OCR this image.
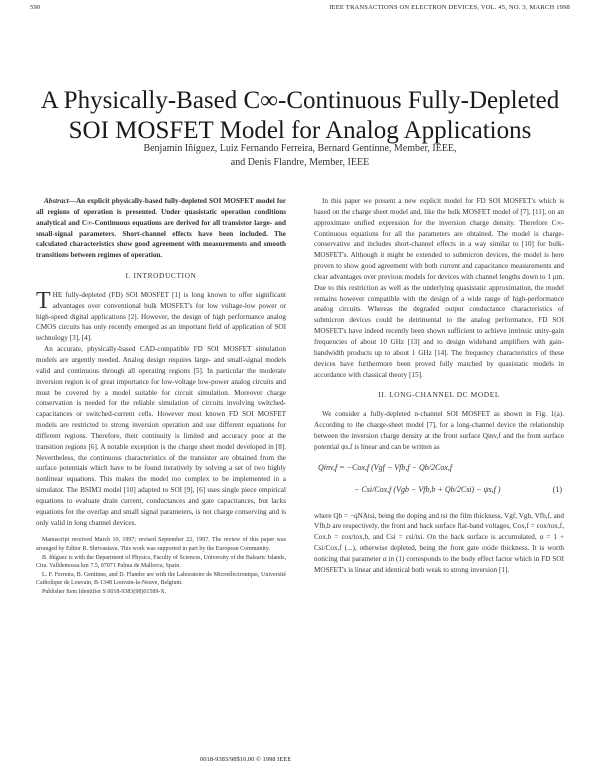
590	IEEE TRANSACTIONS ON ELECTRON DEVICES, VOL. 45, NO. 3, MARCH 1998
A Physically-Based C∞-Continuous Fully-Depleted
SOI MOSFET Model for Analog Applications
Benjamín Iñíguez, Luiz Fernando Ferreira, Bernard Gentinne, Member, IEEE,
and Denis Flandre, Member, IEEE

Abstract—An explicit physically-based fully-depleted SOI MOSFET model for all regions of operation is presented. Under quasistatic operation conditions analytical and C∞-Continuous equations are derived for all transistor large- and small-signal parameters. Short-channel effects have been included. The calculated characteristics show good agreement with measurements and smooth transitions between regimes of operation.

I. INTRODUCTION

THE fully-depleted (FD) SOI MOSFET [1] is long known to offer significant advantages over conventional bulk MOSFET's for low voltage-low power or high-speed digital applications [2]. However, the design of high performance analog CMOS circuits has only recently emerged as an important field of application of SOI technology [3], [4].

An accurate, physically-based CAD-compatible FD SOI MOSFET simulation models are urgently needed. Analog design requires large- and small-signal models valid and continuous through all operating regions [5]. In particular the moderate inversion region is of great importance for low-voltage low-power analog circuits and must be covered by a model suitable for circuit simulation. Moreover charge conservation is needed for the reliable simulation of circuits involving switched-capacitances or switched-current cells. However most known FD SOI MOSFET models are restricted to strong inversion operation and use different equations for different regions. Therefore, their continuity is limited and accuracy poor at the transition regions [6]. A notable exception is the charge sheet model developed in [8]. Nevertheless, the continuous characteristics of the transistor are obtained from the surface potentials which have to be found iteratively by solving a set of two highly nonlinear equations. This makes the model too complex to be implemented in a simulator. The BSIM3 model [10] adapted to SOI [9], [6] uses single piece empirical equations to evaluate drain current, conductances and gate capacitances, but lacks equations for the overlap and small signal parameters, is not charge conserving and is only valid in long channel devices.

Manuscript received March 10, 1997; revised September 22, 1997. The review of this paper was arranged by Editor R. Shrivastava. This work was supported in part by the European Community.

B. Iñíguez is with the Department of Physics, Faculty of Sciences, University of the Balearic Islands, Ctra. Valldemossa km 7.5, 07071 Palma de Mallorca, Spain.

L. F. Ferreira, B. Gentinne, and D. Flandre are with the Laboratoire de Microélectronique, Université Catholique de Louvain, B-1348 Louvain-la-Neuve, Belgium.

Publisher Item Identifier S 0018-9383(98)01589-X.

In this paper we present a new explicit model for FD SOI MOSFET's which is based on the charge sheet model and, like the bulk MOSFET model of [7], [11], on an approximate unified expression for the inversion charge density. Therefore C∞-Continuous equations for all the parameters are obtained. The model is charge-conservative and includes short-channel effects in a way similar to [10] for bulk-MOSFET's. Although it might be extended to submicron devices, the model is here proven to show good agreement with both current and capacitance measurements and clear advantages over previous models for devices with channel lengths down to 1 μm. Due to this restriction as well as the underlying quasistatic approximation, the model remains however compatible with the design of a wide range of high-performance analog circuits. Whereas the degraded output conductance characteristics of submicron devices could be detrimental to the analog performance, FD SOI MOSFET's have indeed recently been shown sufficient to achieve intrinsic unity-gain frequencies of about 10 GHz [13] and to design wideband amplifiers with gain-bandwidth products up to about 1 GHz [14]. The frequency characteristics of these devices have furthermore been proved fully matched by quasistatic models in accordance with classical theory [15].

II. LONG-CHANNEL DC MODEL

We consider a fully-depleted n-channel SOI MOSFET as shown in Fig. 1(a). According to the charge-sheet model [7], for a long-channel device the relationship between the inversion charge density at the front surface Qinv,f and the front surface potential ψs,f is linear and can be written as

Qinv,f = −Cox,f (Vgf − Vfb,f − Qb/2Cox,f
− Csi/Cox,f (Vgb − Vfb,b + Qb/2Csi) − ψs,f )	(1)

where Qb = −qNAtsi, being the doping and tsi the film thickness, Vgf, Vgb, Vfb,f, and Vfb,b are respectively, the front and back surface flat-band voltages, Cox,f = εox/tox,f, Cox,b = εox/tox,b, and Csi = εsi/tsi. On the back surface is accumulated, α = 1 + Csi/Cox,f (...), otherwise depleted, being the front gate oxide thickness. It is worth noticing that parameter α in (1) corresponds to the body effect factor which in FD SOI MOSFET's is linear and identical both weak to strong inversion [1].

0018-9383/98$10.00 © 1998 IEEE
